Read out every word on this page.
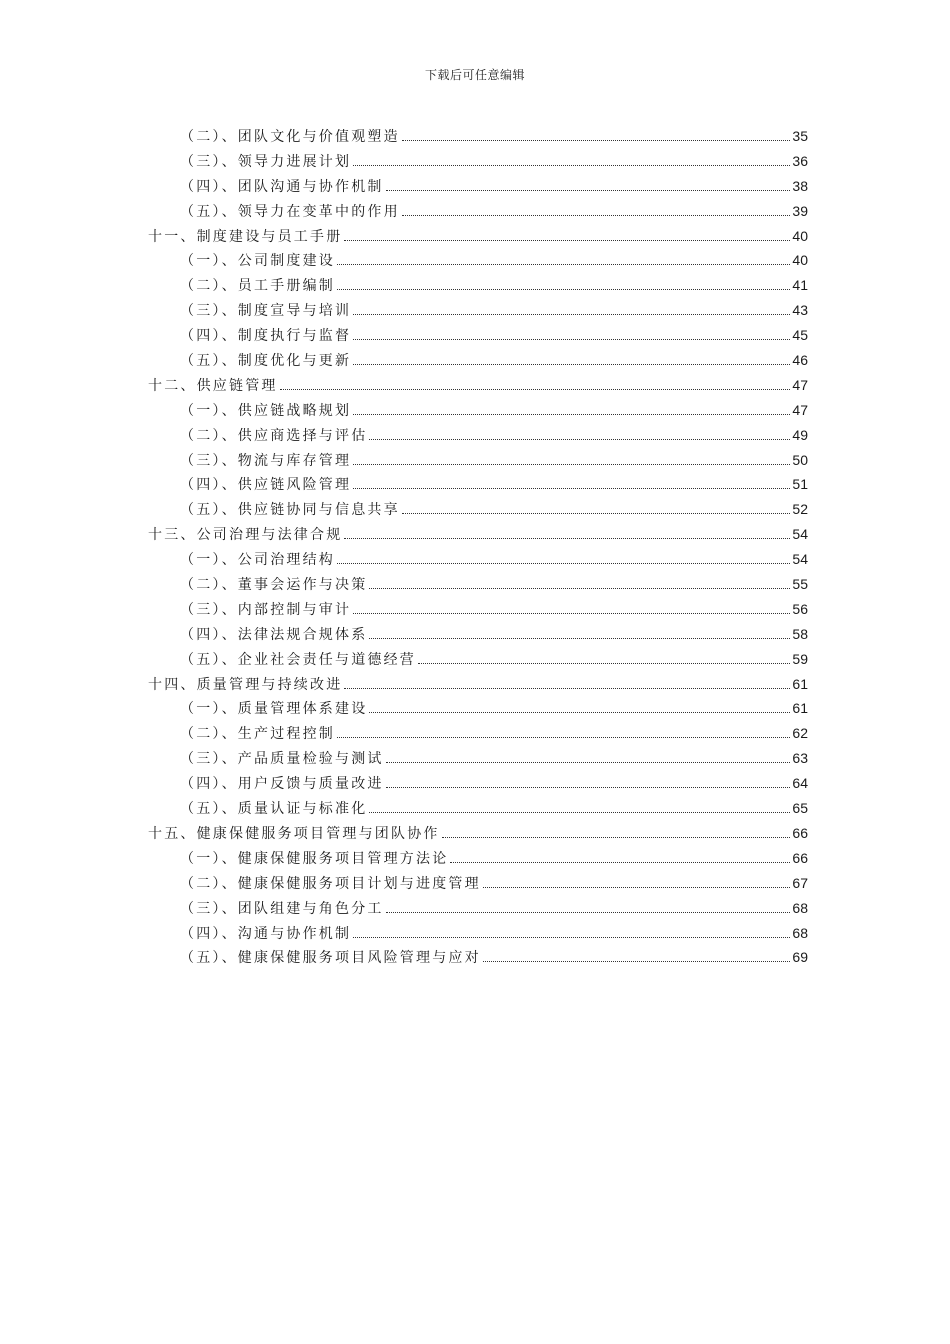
下载后可任意编辑
（二）、团队文化与价值观塑造	35
（三）、领导力进展计划	36
（四）、团队沟通与协作机制	38
（五）、领导力在变革中的作用	39
十一、制度建设与员工手册	40
（一）、公司制度建设	40
（二）、员工手册编制	41
（三）、制度宣导与培训	43
（四）、制度执行与监督	45
（五）、制度优化与更新	46
十二、供应链管理	47
（一）、供应链战略规划	47
（二）、供应商选择与评估	49
（三）、物流与库存管理	50
（四）、供应链风险管理	51
（五）、供应链协同与信息共享	52
十三、公司治理与法律合规	54
（一）、公司治理结构	54
（二）、董事会运作与决策	55
（三）、内部控制与审计	56
（四）、法律法规合规体系	58
（五）、企业社会责任与道德经营	59
十四、质量管理与持续改进	61
（一）、质量管理体系建设	61
（二）、生产过程控制	62
（三）、产品质量检验与测试	63
（四）、用户反馈与质量改进	64
（五）、质量认证与标准化	65
十五、健康保健服务项目管理与团队协作	66
（一）、健康保健服务项目管理方法论	66
（二）、健康保健服务项目计划与进度管理	67
（三）、团队组建与角色分工	68
（四）、沟通与协作机制	68
（五）、健康保健服务项目风险管理与应对	69
